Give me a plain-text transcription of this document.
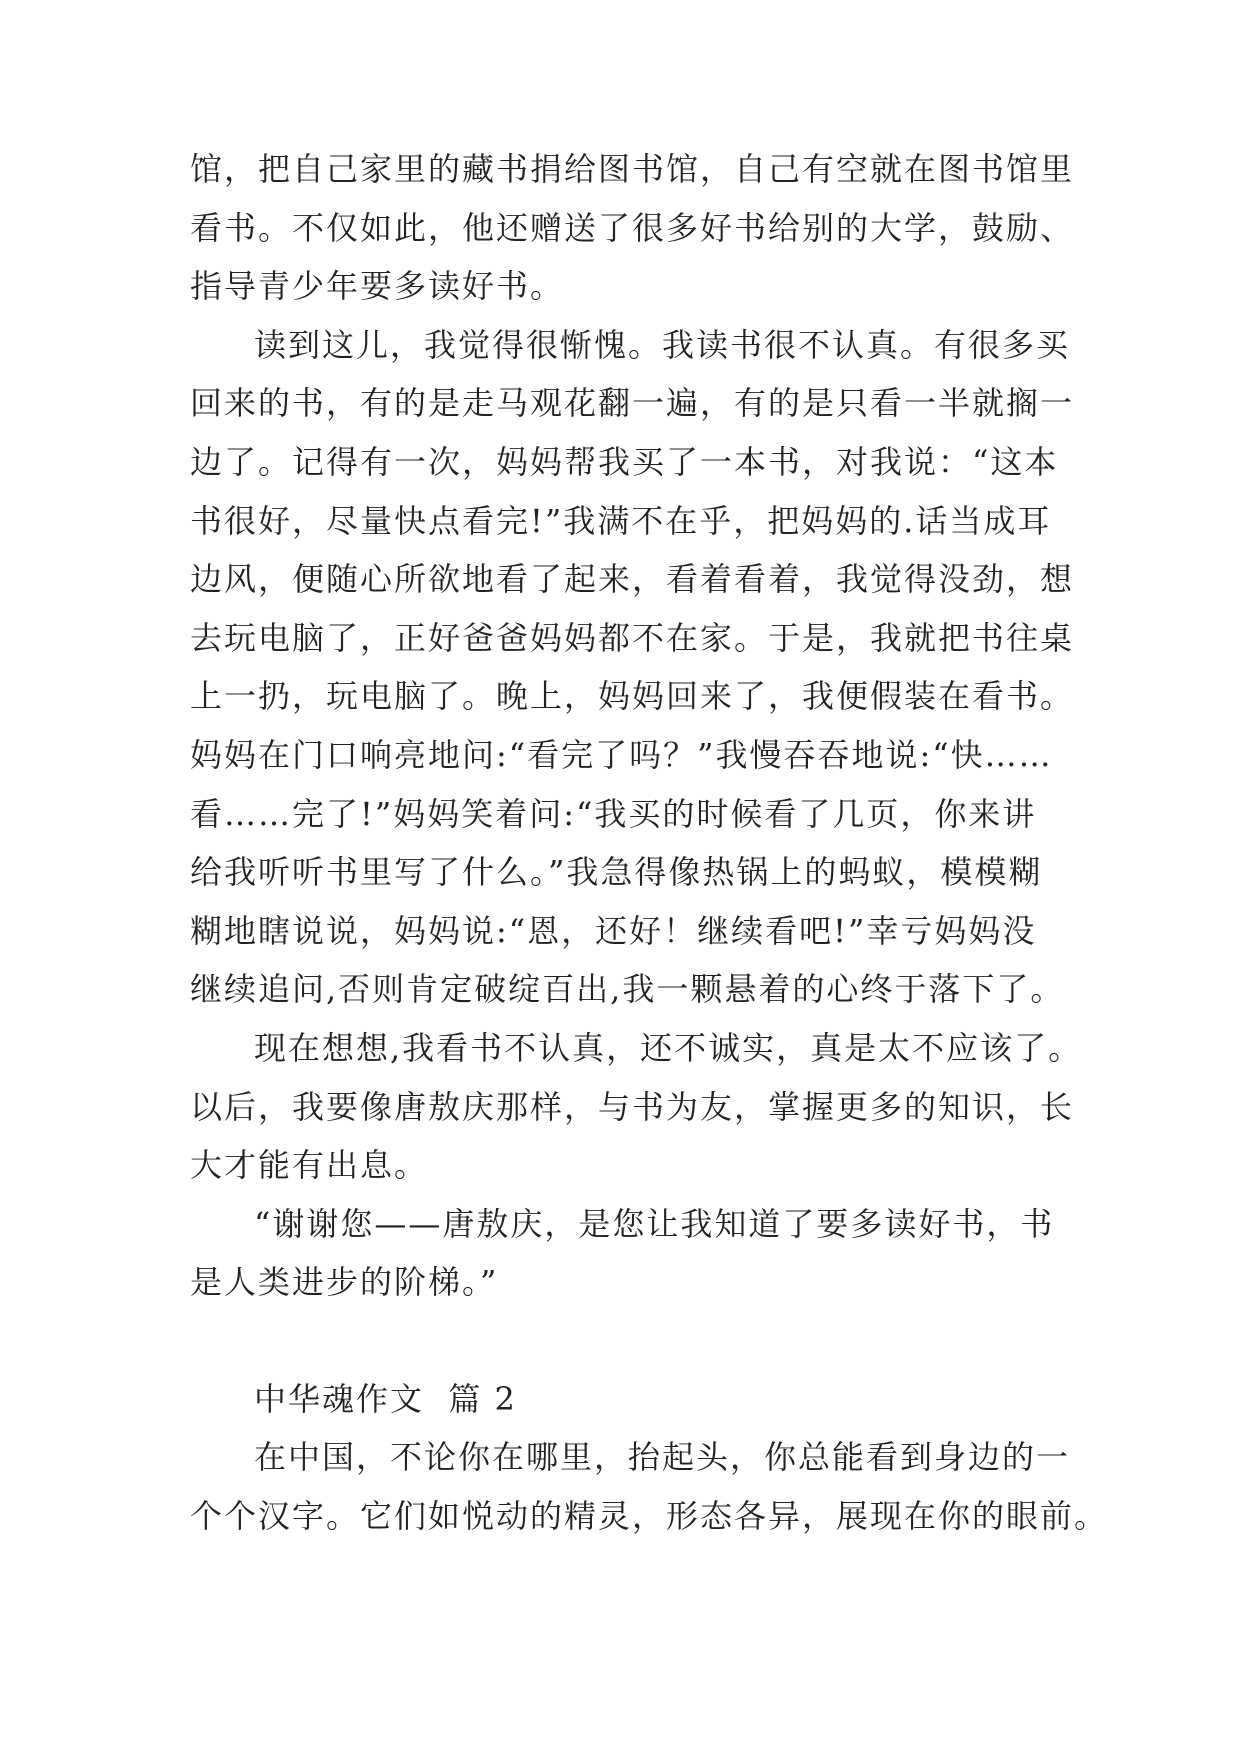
馆，把自己家里的藏书捐给图书馆，自己有空就在图书馆里
看书。不仅如此，他还赠送了很多好书给别的大学，鼓励、
指导青少年要多读好书。
读到这儿，我觉得很惭愧。我读书很不认真。有很多买
回来的书，有的是走马观花翻一遍，有的是只看一半就搁一
边了。记得有一次，妈妈帮我买了一本书，对我说：“这本
书很好，尽量快点看完!”我满不在乎，把妈妈的.话当成耳
边风，便随心所欲地看了起来，看着看着，我觉得没劲，想
去玩电脑了，正好爸爸妈妈都不在家。于是，我就把书往桌
上一扔，玩电脑了。晚上，妈妈回来了，我便假装在看书。
妈妈在门口响亮地问:“看完了吗？”我慢吞吞地说:“快……
看……完了!”妈妈笑着问:“我买的时候看了几页，你来讲
给我听听书里写了什么。”我急得像热锅上的蚂蚁，模模糊
糊地瞎说说，妈妈说:“恩，还好！继续看吧!”幸亏妈妈没
继续追问,否则肯定破绽百出,我一颗悬着的心终于落下了。
现在想想,我看书不认真，还不诚实，真是太不应该了。
以后，我要像唐敖庆那样，与书为友，掌握更多的知识，长
大才能有出息。
“谢谢您——唐敖庆，是您让我知道了要多读好书，书
是人类进步的阶梯。”
中华魂作文  篇 2
在中国，不论你在哪里，抬起头，你总能看到身边的一
个个汉字。它们如悦动的精灵，形态各异，展现在你的眼前。
